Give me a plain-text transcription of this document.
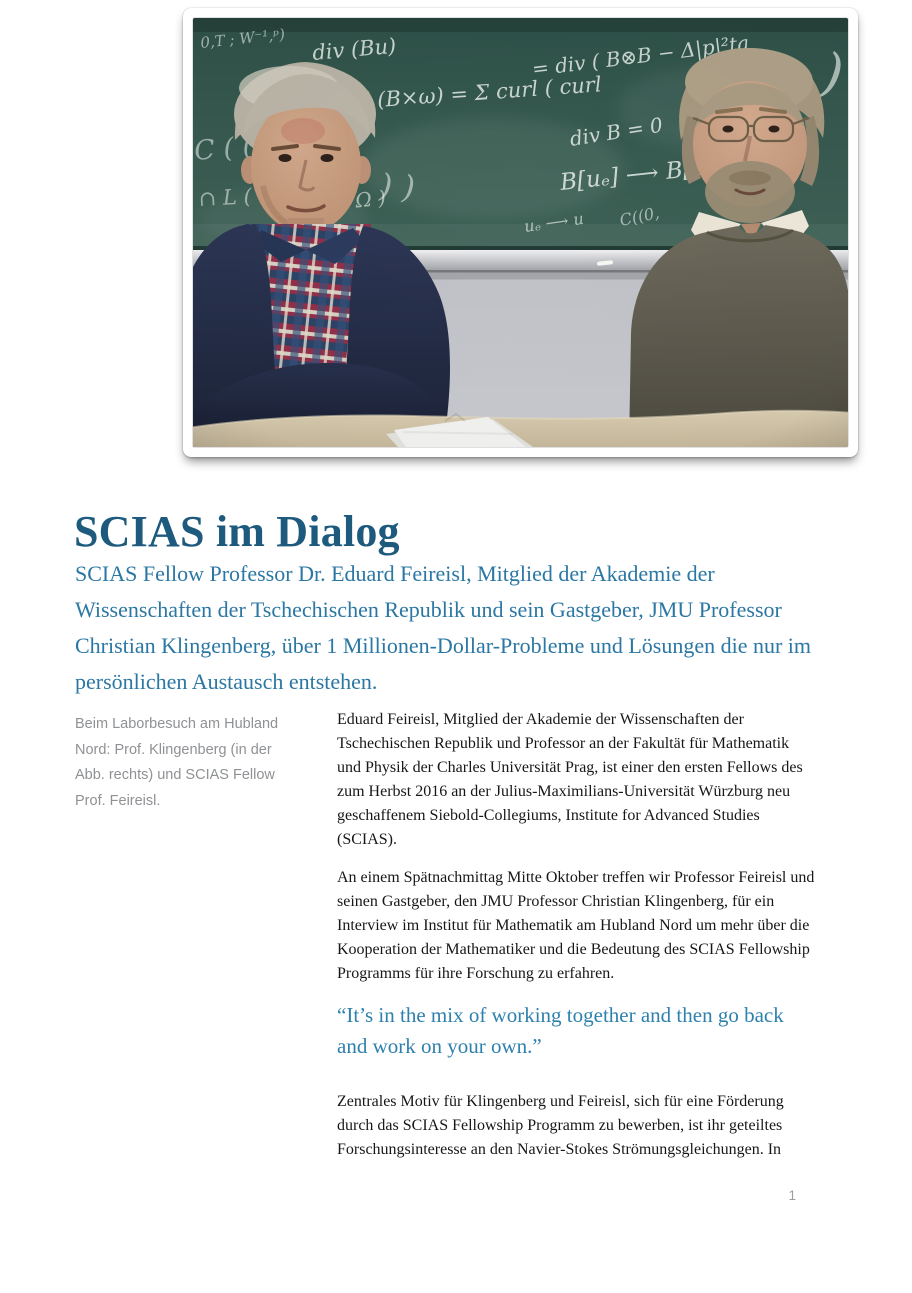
SCIAS im Dialog
SCIAS Fellow Professor Dr. Eduard Feireisl, Mitglied der Akademie der Wissenschaften der Tschechischen Republik und sein Gastgeber, JMU Professor Christian Klingenberg, über 1 Millionen-Dollar-Probleme und Lösungen die nur im persönlichen Austausch entstehen.
Beim Laborbesuch am Hubland Nord: Prof. Klingenberg (in der Abb. rechts) und SCIAS Fellow Prof. Feireisl.

Eduard Feireisl, Mitglied der Akademie der Wissenschaften der Tschechischen Republik und Professor an der Fakultät für Mathematik und Physik der Charles Universität Prag, ist einer den ersten Fellows des zum Herbst 2016 an der Julius-Maximilians-Universität Würzburg neu geschaffenem Siebold-Collegiums, Institute for Advanced Studies (SCIAS).

An einem Spätnachmittag Mitte Oktober treffen wir Professor Feireisl und seinen Gastgeber, den JMU Professor Christian Klingenberg, für ein Interview im Institut für Mathematik am Hubland Nord um mehr über die Kooperation der Mathematiker und die Bedeutung des SCIAS Fellowship Programms für ihre Forschung zu erfahren.

“It’s in the mix of working together and then go back and work on your own.”

Zentrales Motiv für Klingenberg und Feireisl, sich für eine Förderung durch das SCIAS Fellowship Programm zu bewerben, ist ihr geteiltes Forschungsinteresse an den Navier-Stokes Strömungsgleichungen. In

1
